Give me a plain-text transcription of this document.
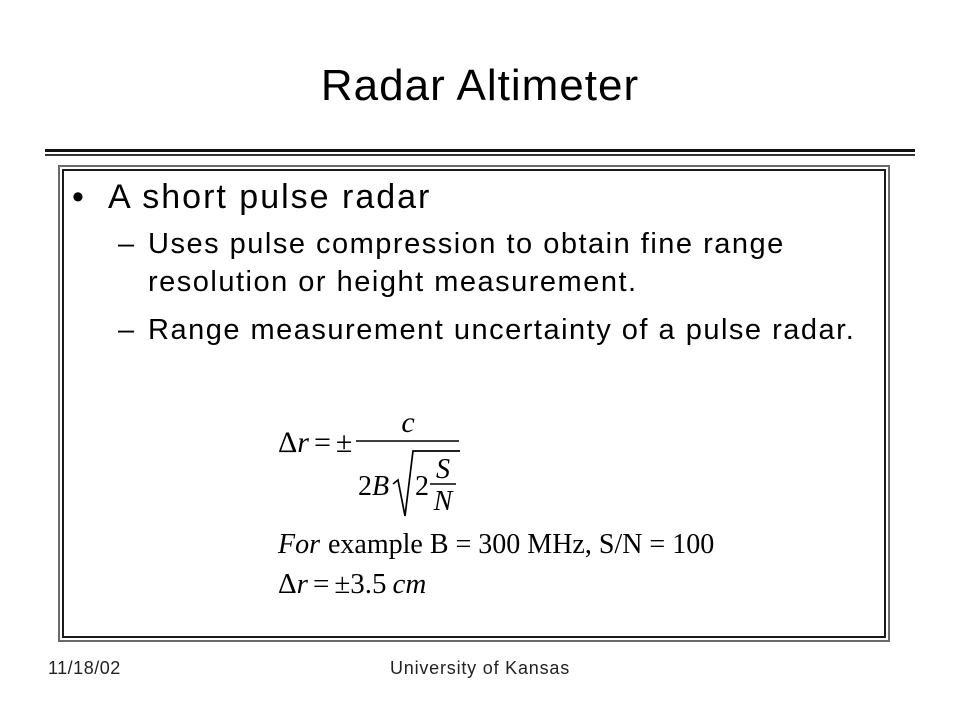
Radar Altimeter
• A short pulse radar
– Uses pulse compression to obtain fine range resolution or height measurement.
– Range measurement uncertainty of a pulse radar.
Δr = ±
c
2B 2
S
N
For example B = 300 MHz, S/N = 100
Δr = ±3.5 cm
11/18/02	University of Kansas
